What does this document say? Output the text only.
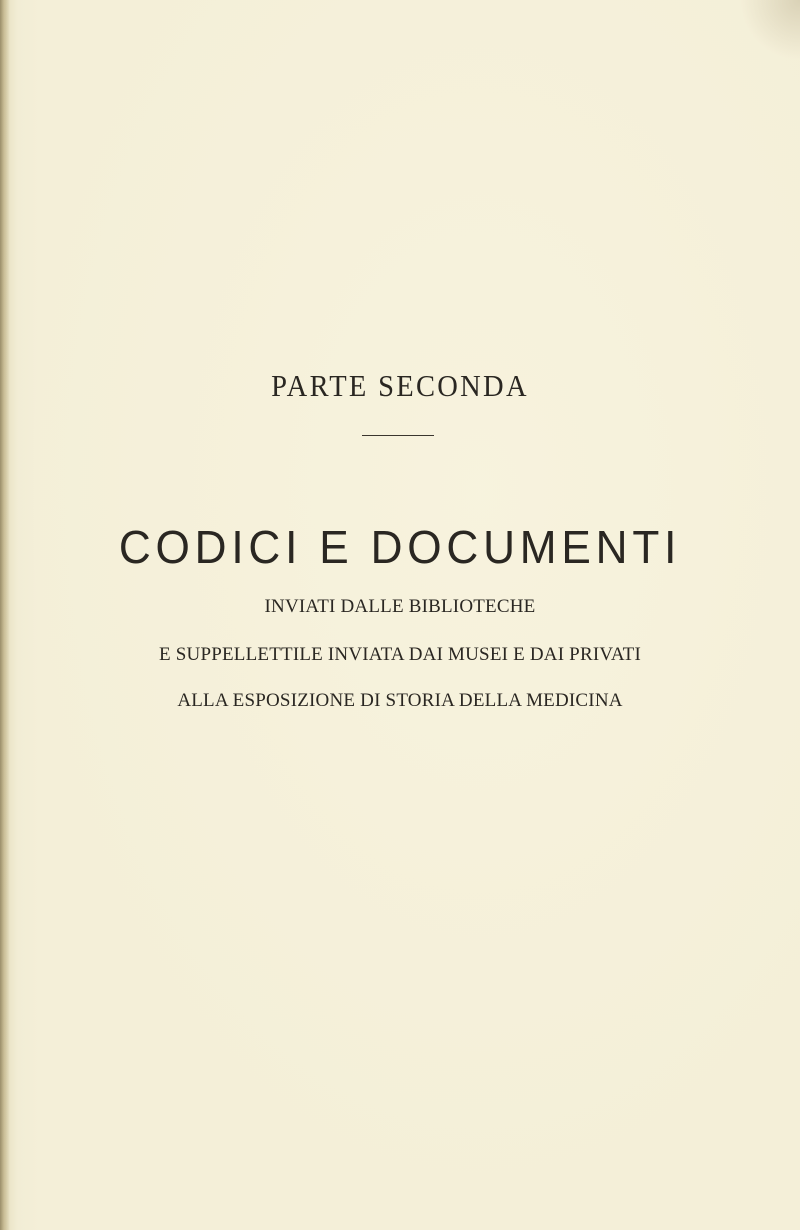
PARTE SECONDA
CODICI E DOCUMENTI
INVIATI DALLE BIBLIOTECHE
E SUPPELLETTILE INVIATA DAI MUSEI E DAI PRIVATI
ALLA ESPOSIZIONE DI STORIA DELLA MEDICINA
